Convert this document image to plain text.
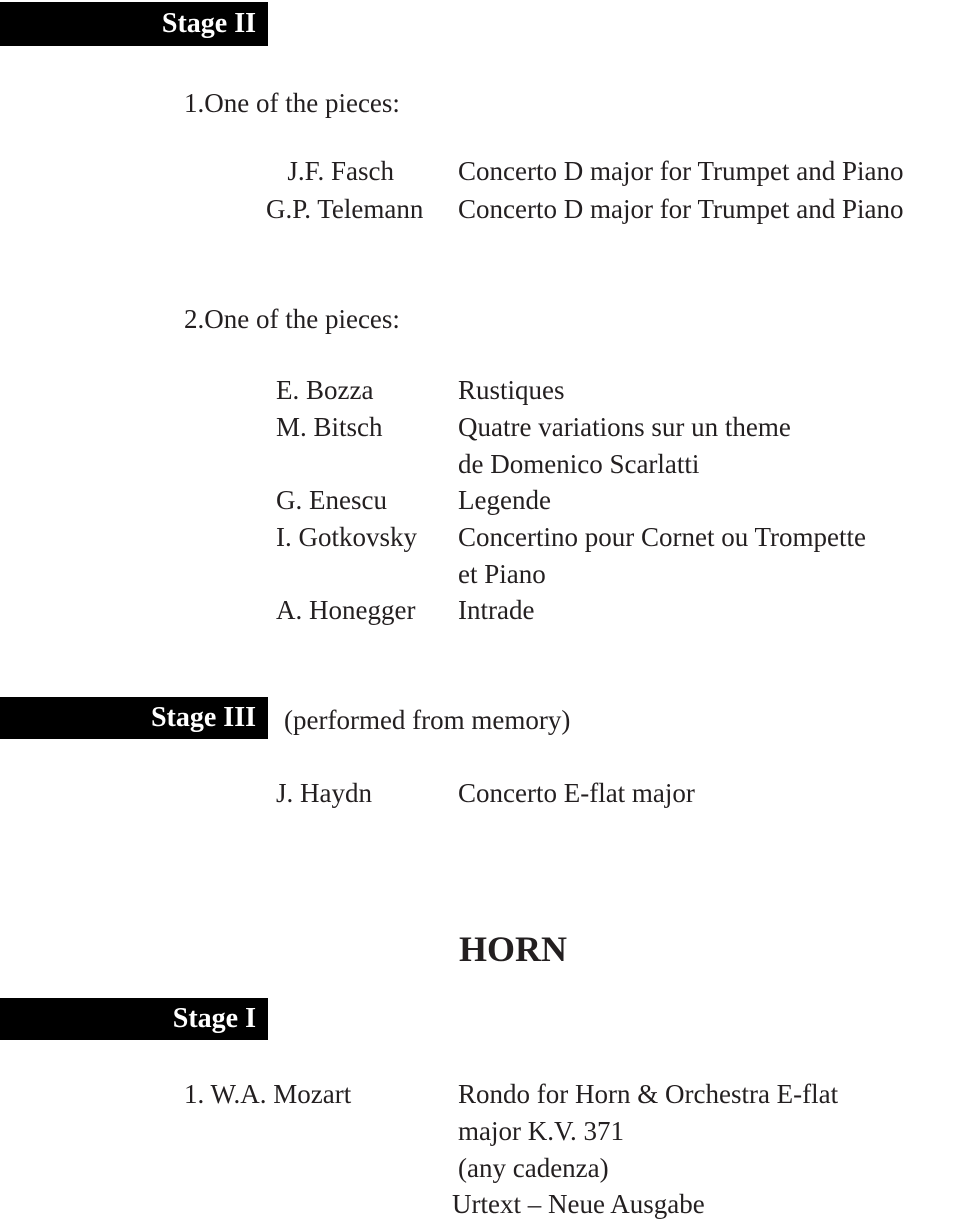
Stage II
1.One of the pieces:
J.F. Fasch Concerto D major for Trumpet and Piano
G.P. Telemann Concerto D major for Trumpet and Piano
2.One of the pieces:
E. Bozza	Rustiques
M. Bitsch	Quatre variations sur un theme
de Domenico Scarlatti
G. Enescu	Legende
I. Gotkovsky Concertino pour Cornet ou Trompette
et Piano
A. Honegger Intrade
Stage III	(performed from memory)
J. Haydn	Concerto E-flat major
HORN
Stage I
1. W.A. Mozart	Rondo for Horn & Orchestra E-flat
major K.V. 371
(any cadenza)
Urtext – Neue Ausgabe
